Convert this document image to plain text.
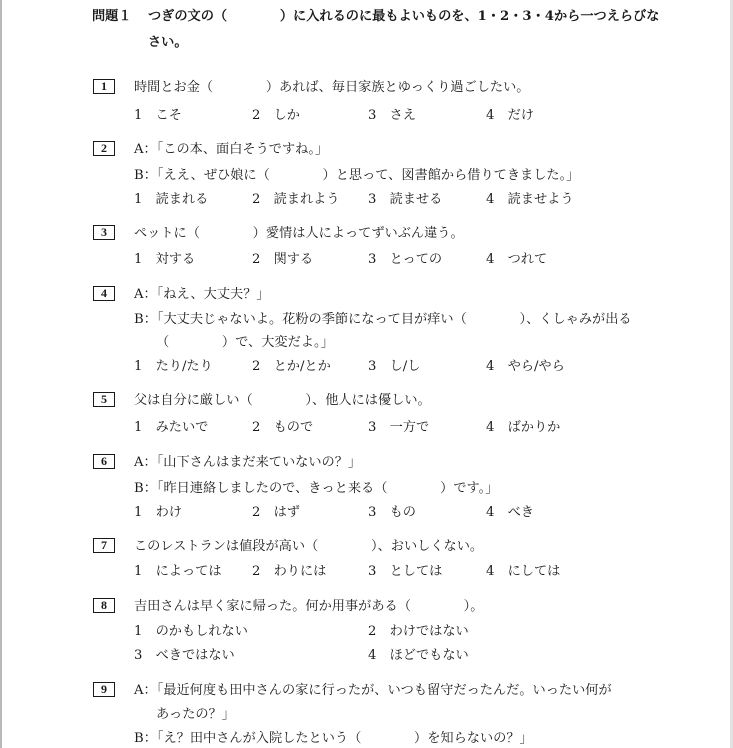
問題１ つぎの文の（　　　　）に入れるのに最もよいものを、1・2・3・4から一つえらびな
さい。
1	時間とお金（　　　　）あれば、毎日家族とゆっくり過ごしたい。
1　こそ	2　しか	3　さえ	4　だけ
2	A：「この本、面白そうですね。」
B：「ええ、ぜひ娘に（　　　　）と思って、図書館から借りてきました。」
1　読まれる	2　読まれよう 3　読ませる	4　読ませよう
3	ペットに（　　　　）愛情は人によってずいぶん違う。
1　対する	2　関する	3　とっての	4　つれて
4	A：「ねえ、大丈夫？」
B：「大丈夫じゃないよ。花粉の季節になって目が痒い（　　　　）、くしゃみが出る
（　　　　）で、大変だよ。」
1　たり/たり	2　とか/とか	3　し/し	4　やら/やら
5	父は自分に厳しい（　　　　）、他人には優しい。
1　みたいで	2　もので	3　一方で	4　ばかりか
6	A：「山下さんはまだ来ていないの？」
B：「昨日連絡しましたので、きっと来る（　　　　）です。」
1　わけ	2　はず	3　もの	4　べき
7	このレストランは値段が高い（　　　　）、おいしくない。
1　によっては 2　わりには	3　としては	4　にしては
8	吉田さんは早く家に帰った。何か用事がある（　　　　）。
1　のかもしれない	2　わけではない
3　べきではない	4　ほどでもない
9	A：「最近何度も田中さんの家に行ったが、いつも留守だったんだ。いったい何が
あったの？」
B：「え？田中さんが入院したという（　　　　）を知らないの？」
